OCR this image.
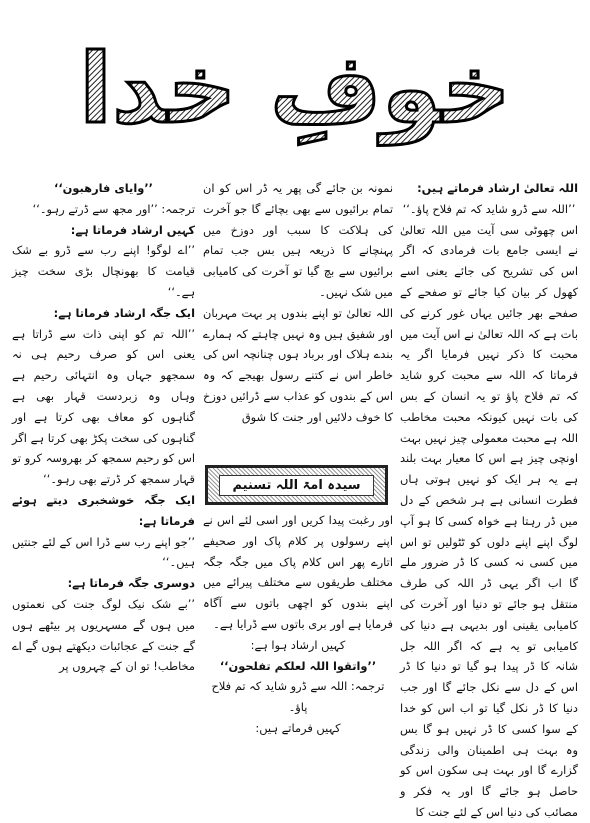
خوفِ خدا

اللہ تعالیٰ ارشاد فرماتے ہیں:

’’اللہ سے ڈرو شاید کہ تم فلاح پاؤ۔‘‘

اس چھوٹی سی آیت میں اللہ تعالیٰ نے ایسی جامع بات فرمادی کہ اگر اس کی تشریح کی جائے یعنی اسے کھول کر بیان کیا جائے تو صفحے کے صفحے بھر جائیں یہاں غور کرنے کی بات ہے کہ اللہ تعالیٰ نے اس آیت میں محبت کا ذکر نہیں فرمایا اگر یہ فرماتا کہ اللہ سے محبت کرو شاید کہ تم فلاح پاؤ تو یہ انسان کے بس کی بات نہیں کیونکہ محبت مخاطب اللہ ہے محبت معمولی چیز نہیں بہت اونچی چیز ہے اس کا معیار بہت بلند ہے یہ ہر ایک کو نہیں ہوتی ہاں فطرت انسانی ہے ہر شخص کے دل میں ڈر رہتا ہے خواہ کسی کا ہو آپ لوگ اپنے اپنے دلوں کو ٹٹولیں تو اس میں کسی نہ کسی کا ڈر ضرور ملے گا اب اگر یہی ڈر اللہ کی طرف منتقل ہو جائے تو دنیا اور آخرت کی کامیابی یقینی اور بدیہی ہے دنیا کی کامیابی تو یہ ہے کہ اگر اللہ جل شانہ کا ڈر پیدا ہو گیا تو دنیا کا ڈر اس کے دل سے نکل جائے گا اور جب دنیا کا ڈر نکل گیا تو اب اس کو خدا کے سوا کسی کا ڈر نہیں ہو گا بس وہ بہت ہی اطمینان والی زندگی گزارے گا اور بہت ہی سکون اس کو حاصل ہو جائے گا اور یہ فکر و مصائب کی دنیا اس کے لئے جنت کا

نمونہ بن جائے گی پھر یہ ڈر اس کو ان تمام برائیوں سے بھی بچائے گا جو آخرت کی ہلاکت کا سبب اور دوزخ میں پہنچانے کا ذریعہ ہیں بس جب تمام برائیوں سے بچ گیا تو آخرت کی کامیابی میں شک نہیں۔

اللہ تعالیٰ تو اپنے بندوں پر بہت مہربان اور شفیق ہیں وہ نہیں چاہتے کہ ہمارے بندے ہلاک اور برباد ہوں چنانچہ اس کی خاطر اس نے کتنے رسول بھیجے کہ وہ اس کے بندوں کو عذاب سے ڈرائیں دوزخ کا خوف دلائیں اور جنت کا شوق

اور رغبت پیدا کریں اور اسی لئے اس نے اپنے رسولوں پر کلام پاک اور صحیفے اتارے پھر اس کلام پاک میں جگہ جگہ مختلف طریقوں سے مختلف پیرائے میں اپنے بندوں کو اچھی باتوں سے آگاہ فرمایا ہے اور بری باتوں سے ڈرایا ہے۔

کہیں ارشاد ہوا ہے:

’’واتقوا اللہ لعلکم تفلحون‘‘

ترجمہ: اللہ سے ڈرو شاید کہ تم فلاح پاؤ۔

کہیں فرماتے ہیں:

سیدہ امۃ اللہ تسنیم

’’وایای فارھبون‘‘

ترجمہ: ’’اور مجھ سے ڈرتے رہو۔‘‘

کہیں ارشاد فرماتا ہے:

’’اے لوگو! اپنے رب سے ڈرو بے شک قیامت کا بھونچال بڑی سخت چیز ہے۔‘‘

ایک جگہ ارشاد فرماتا ہے:

’’اللہ تم کو اپنی ذات سے ڈراتا ہے یعنی اس کو صرف رحیم ہی نہ سمجھو جہاں وہ انتہائی رحیم ہے وہاں وہ زبردست قہار بھی ہے گناہوں کو معاف بھی کرتا ہے اور گناہوں کی سخت پکڑ بھی کرتا ہے اگر اس کو رحیم سمجھ کر بھروسہ کرو تو قہار سمجھ کر ڈرتے بھی رہو۔‘‘

ایک جگہ خوشخبری دیتے ہوئے فرماتا ہے:

’’جو اپنے رب سے ڈرا اس کے لئے جنتیں ہیں۔‘‘

دوسری جگہ فرماتا ہے:

’’بے شک نیک لوگ جنت کی نعمتوں میں ہوں گے مسہریوں پر بیٹھے ہوں گے جنت کے عجائبات دیکھتے ہوں گے اے مخاطب! تو ان کے چہروں پر
